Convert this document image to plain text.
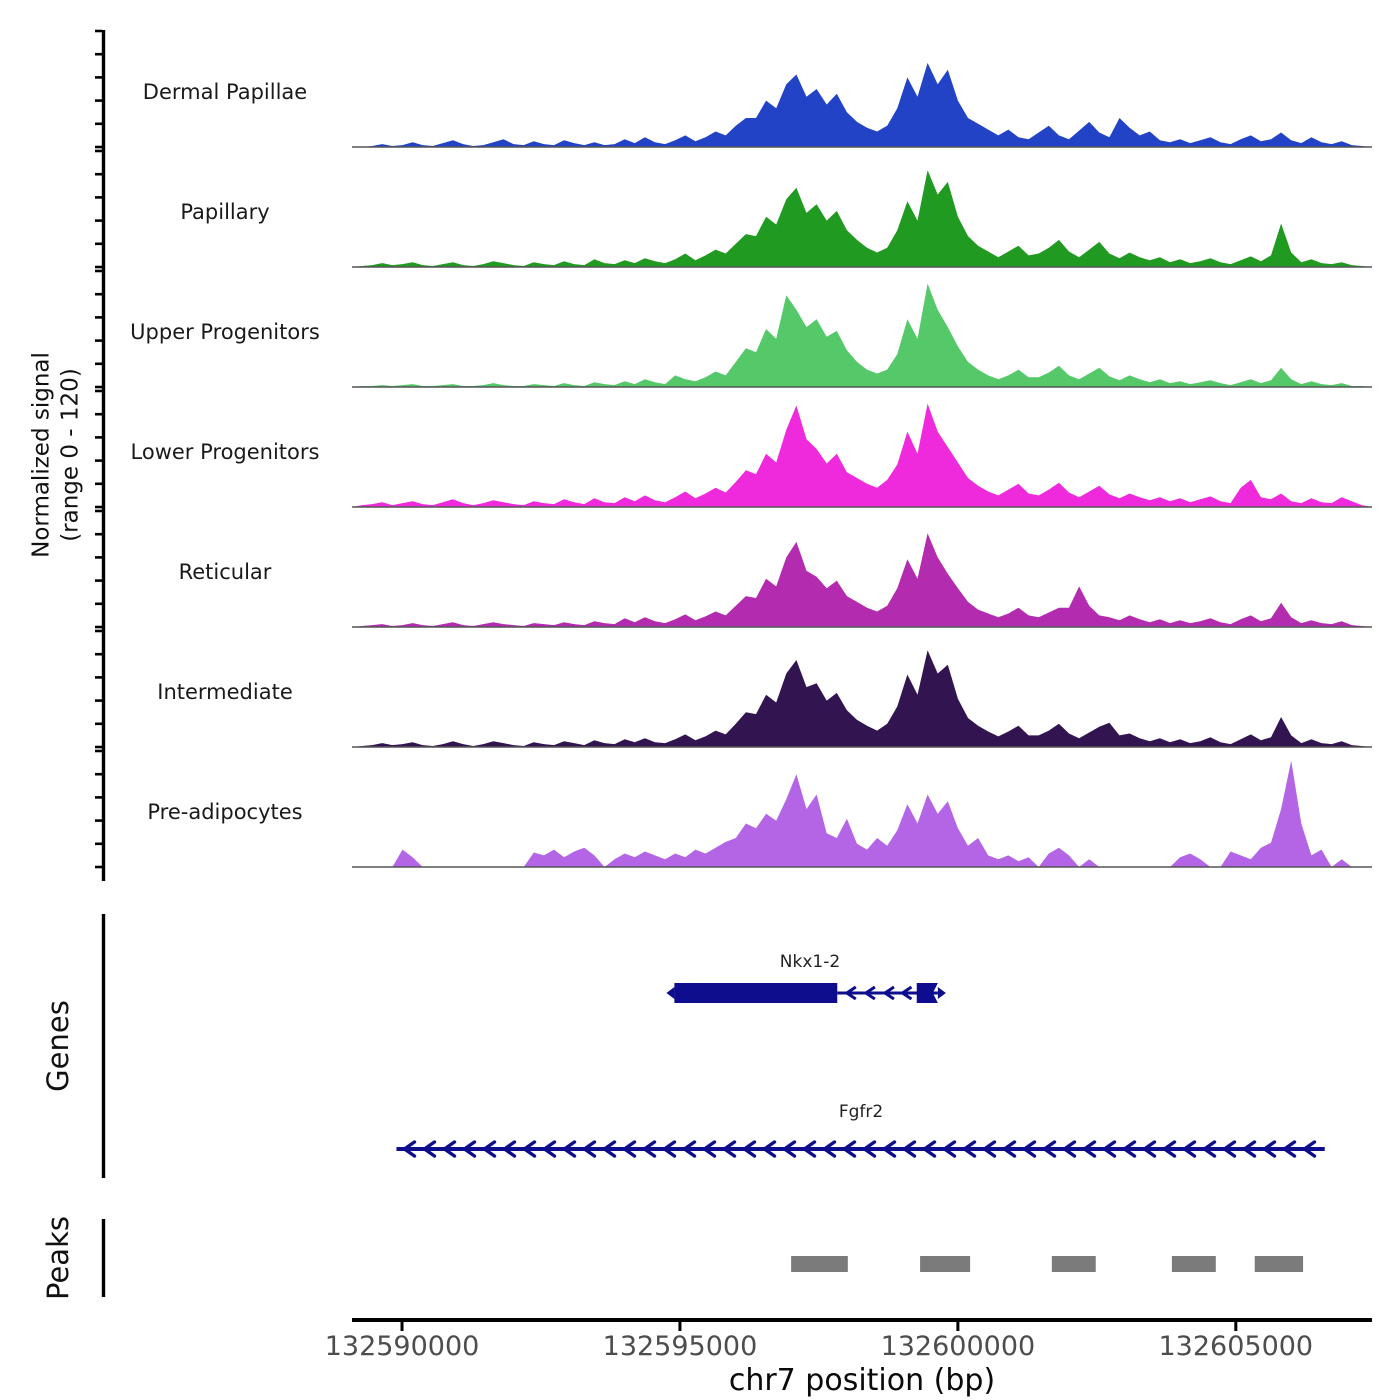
Normalized signal (range 0 - 120)
Dermal Papillae
Papillary
Upper Progenitors
Lower Progenitors
Reticular
Intermediate
Pre-adipocytes
Genes
Peaks
Nkx1-2
Fgfr2
132590000	132595000	132600000	132605000
chr7 position (bp)
